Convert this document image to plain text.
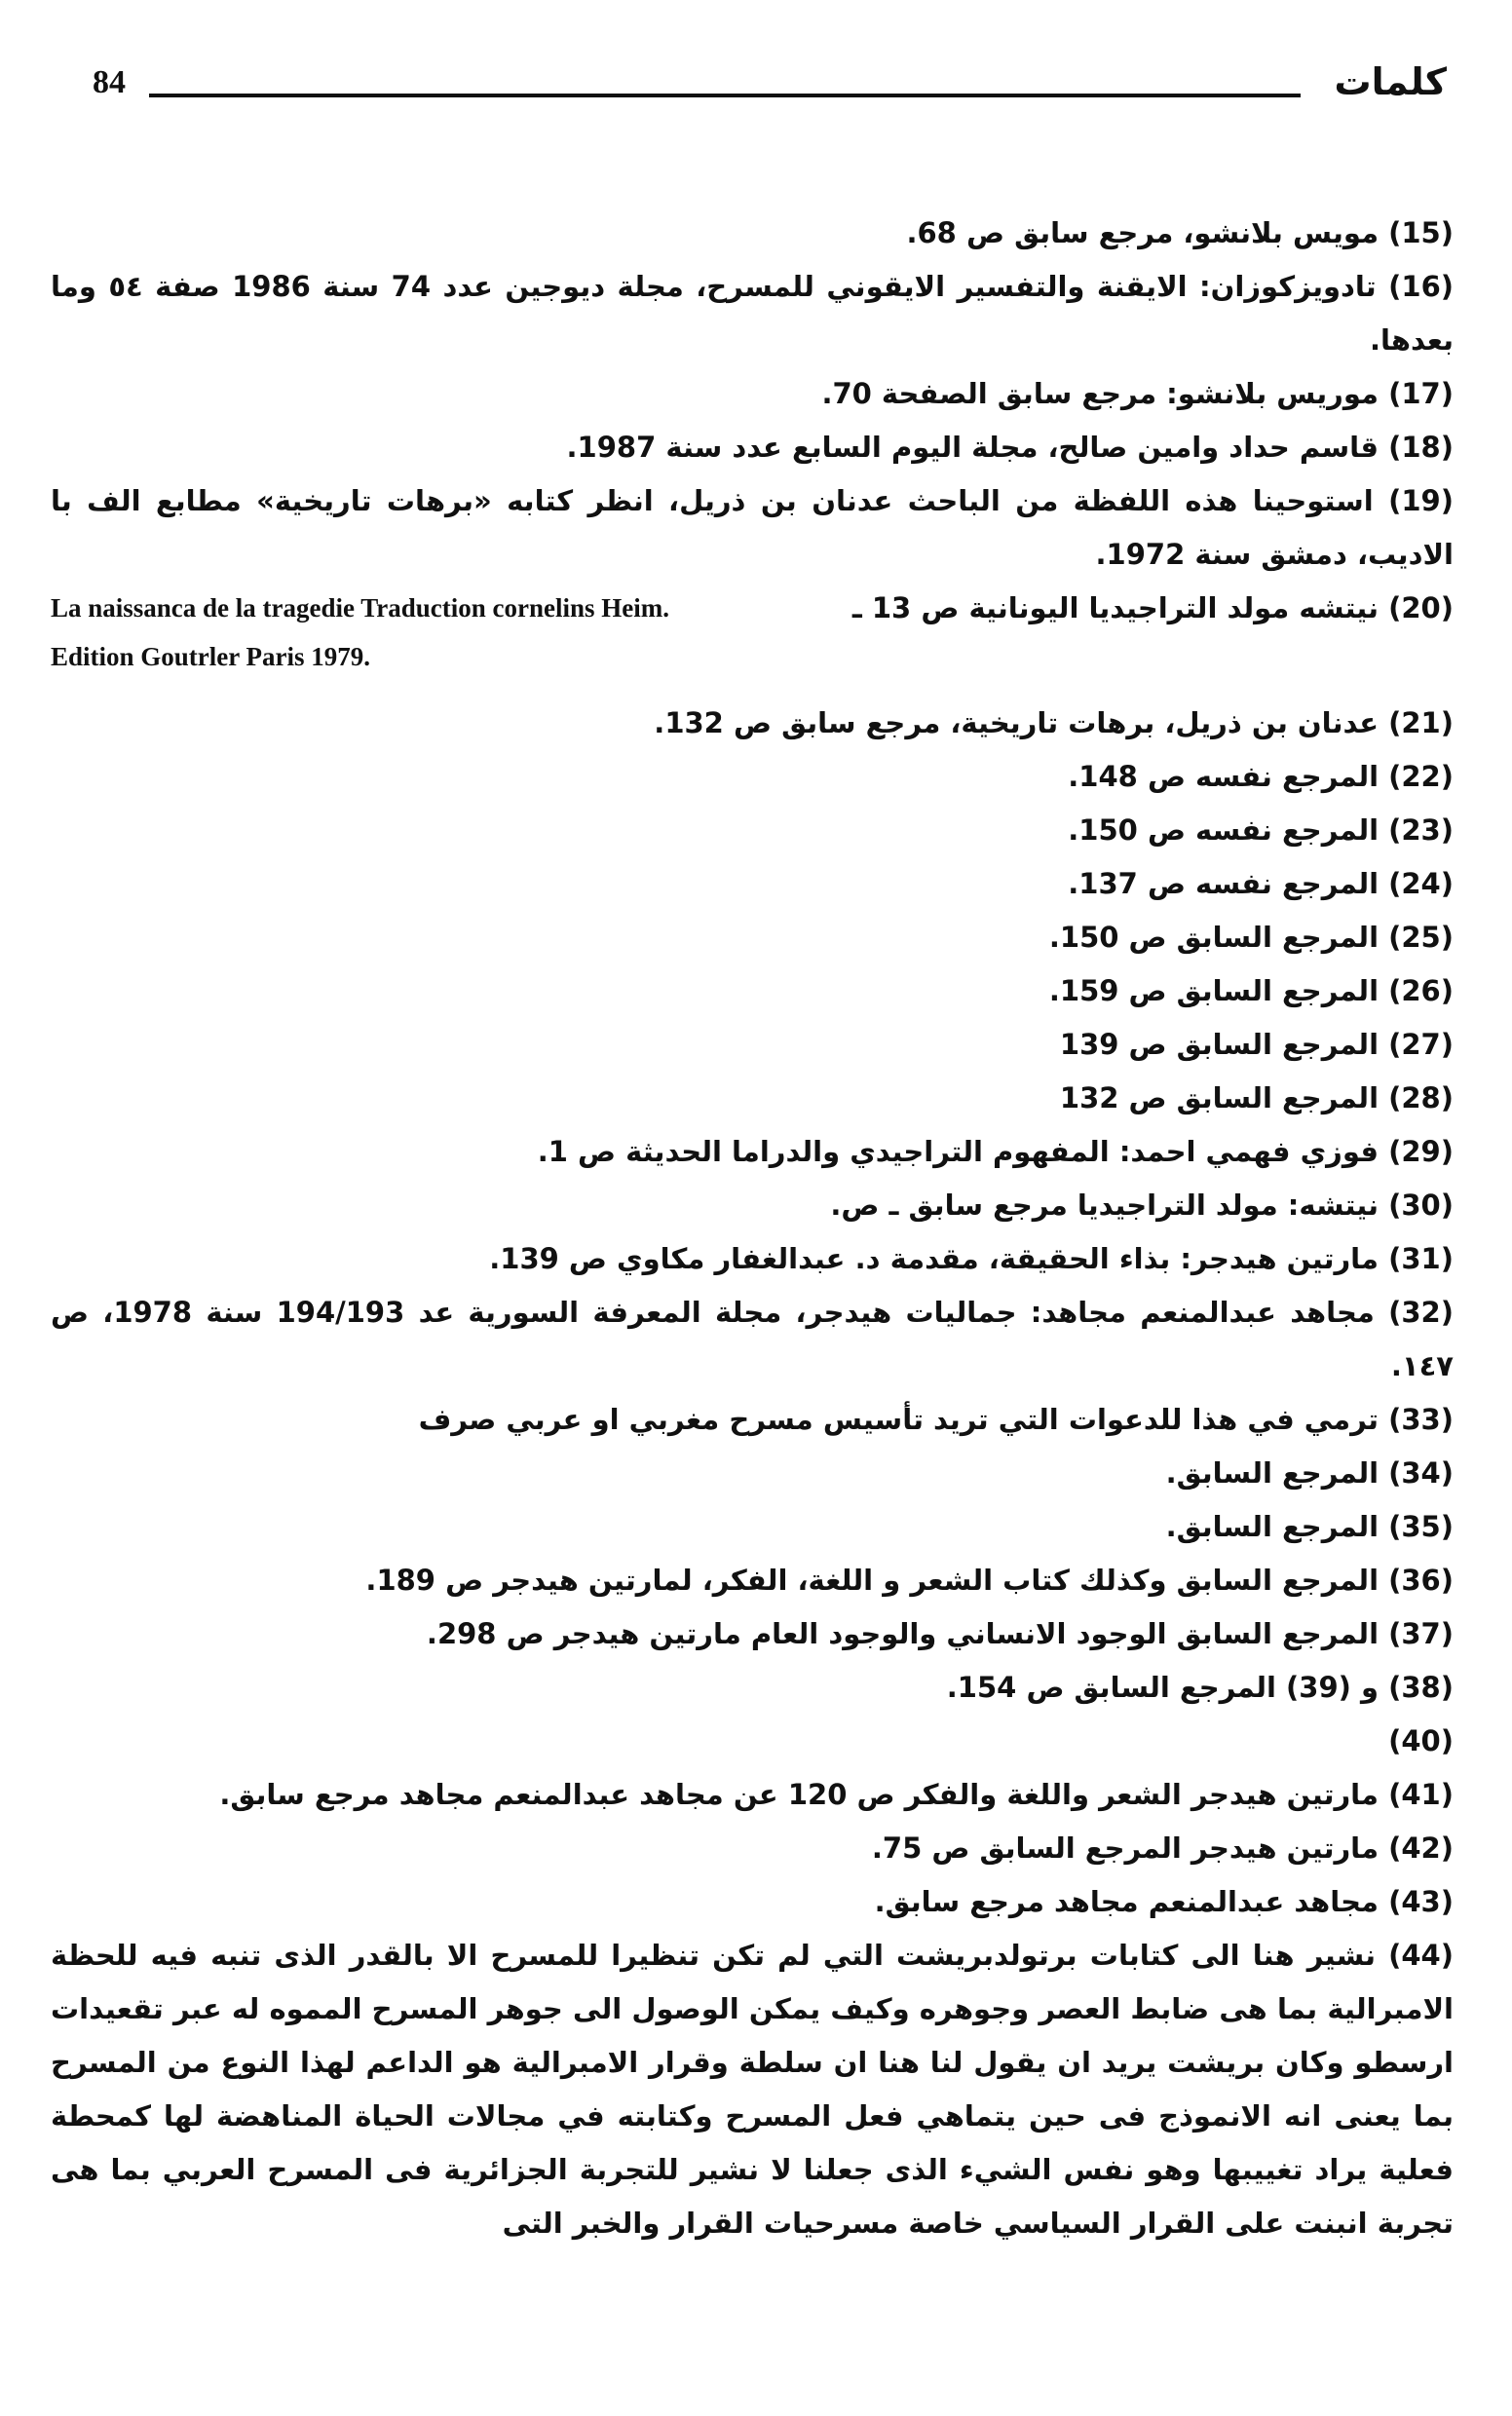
84	كلمات
(15) مويس بلانشو، مرجع سابق ص 68.
(16) تادويزكوزان: الايقنة والتفسير الايقوني للمسرح، مجلة ديوجين عدد 74 سنة 1986 صفة ٥٤ وما بعدها.
(17) موريس بلانشو: مرجع سابق الصفحة 70.
(18) قاسم حداد وامين صالح، مجلة اليوم السابع عدد سنة 1987.
(19) استوحينا هذه اللفظة من الباحث عدنان بن ذريل، انظر كتابه «برهات تاريخية» مطابع الف با الاديب، دمشق سنة 1972.
(20) نيتشه مولد التراجيديا اليونانية ص 13 ـ
La naissanca de la tragedie Traduction cornelins Heim.
Edition Goutrler Paris 1979.
(21) عدنان بن ذريل، برهات تاريخية، مرجع سابق ص 132.
(22) المرجع نفسه ص 148.
(23) المرجع نفسه ص 150.
(24) المرجع نفسه ص 137.
(25) المرجع السابق ص 150.
(26) المرجع السابق ص 159.
(27) المرجع السابق ص 139
(28) المرجع السابق ص 132
(29) فوزي فهمي احمد: المفهوم التراجيدي والدراما الحديثة ص 1.
(30) نيتشه: مولد التراجيديا مرجع سابق ـ ص.
(31) مارتين هيدجر: بذاء الحقيقة، مقدمة د. عبدالغفار مكاوي ص 139.
(32) مجاهد عبدالمنعم مجاهد: جماليات هيدجر، مجلة المعرفة السورية عد 194/193 سنة 1978، ص ١٤٧.
(33) ترمي في هذا للدعوات التي تريد تأسيس مسرح مغربي او عربي صرف
(34) المرجع السابق.
(35) المرجع السابق.
(36) المرجع السابق وكذلك كتاب الشعر و اللغة، الفكر، لمارتين هيدجر ص 189.
(37) المرجع السابق الوجود الانساني والوجود العام مارتين هيدجر ص 298.
(38) و (39) المرجع السابق ص 154.
(40)
(41) مارتين هيدجر الشعر واللغة والفكر ص 120 عن مجاهد عبدالمنعم مجاهد مرجع سابق.
(42) مارتين هيدجر المرجع السابق ص 75.
(43) مجاهد عبدالمنعم مجاهد مرجع سابق.
(44) نشير هنا الى كتابات برتولدبريشت التي لم تكن تنظيرا للمسرح الا بالقدر الذى تنبه فيه للحظة الامبرالية بما هى ضابط العصر وجوهره وكيف يمكن الوصول الى جوهر المسرح المموه له عبر تقعيدات ارسطو وكان بريشت يريد ان يقول لنا هنا ان سلطة وقرار الامبرالية هو الداعم لهذا النوع من المسرح بما يعنى انه الانموذج فى حين يتماهي فعل المسرح وكتابته في مجالات الحياة المناهضة لها كمحطة فعلية يراد تغييبها وهو نفس الشيء الذى جعلنا لا نشير للتجربة الجزائرية فى المسرح العربي بما هى تجربة انبنت على القرار السياسي خاصة مسرحيات القرار والخبر التى
